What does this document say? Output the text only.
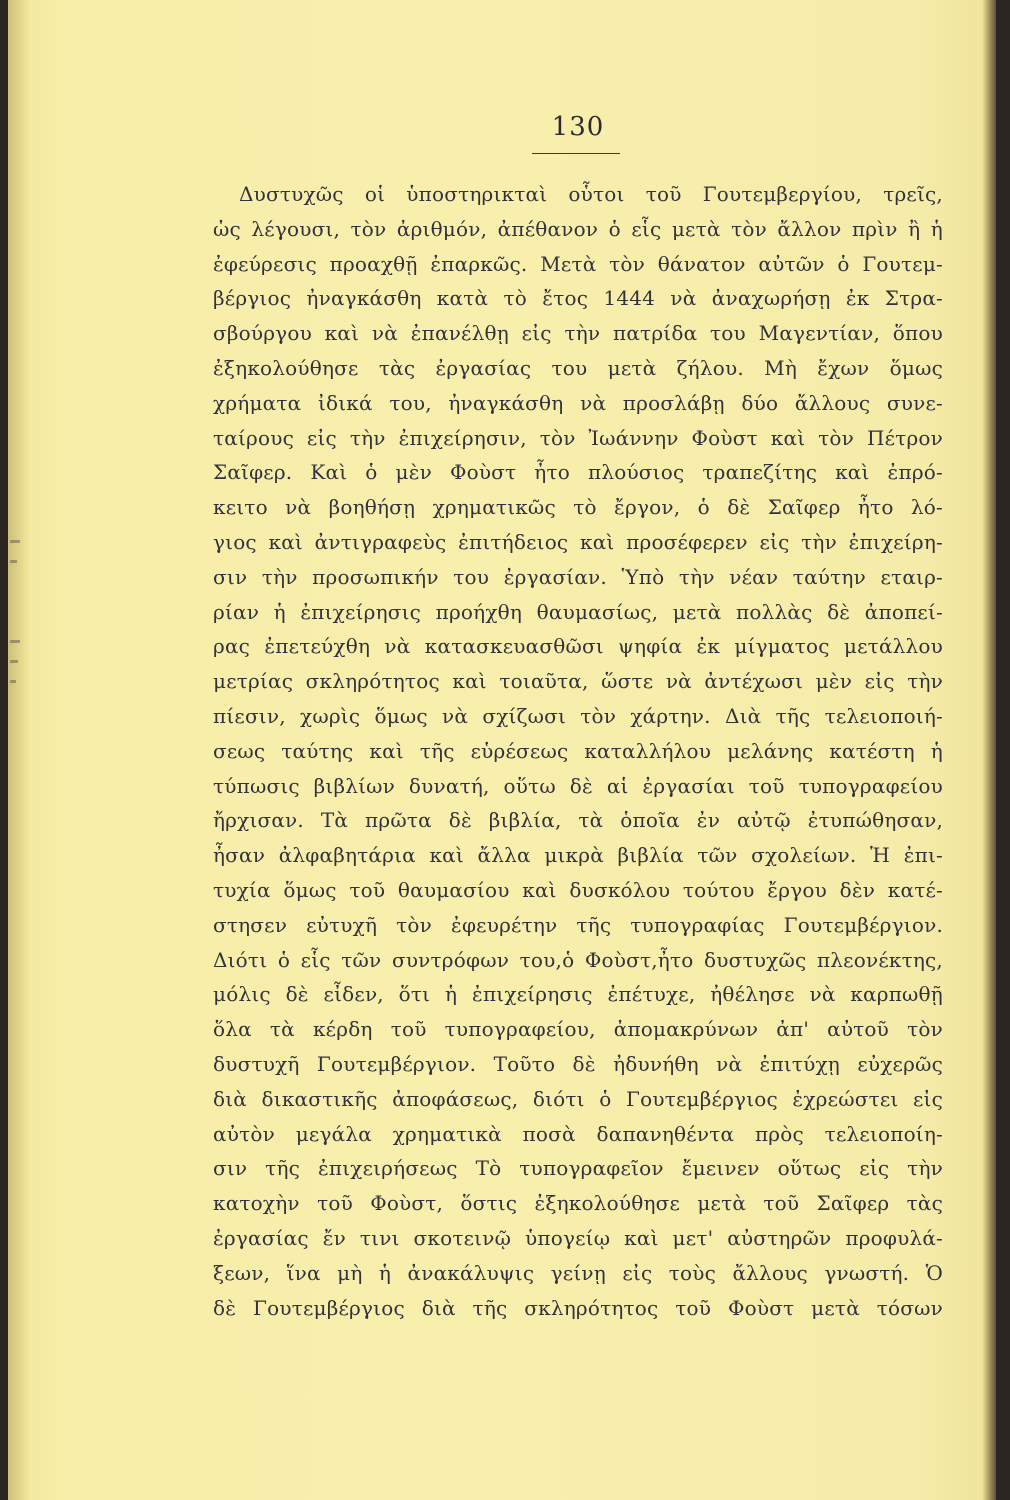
130
Δυστυχῶς οἱ ὑποστηρικταὶ οὗτοι τοῦ Γουτεμβεργίου, τρεῖς,
ὡς λέγουσι, τὸν ἀριθμόν, ἀπέθανον ὁ εἷς μετὰ τὸν ἄλλον πρὶν ἢ ἡ
ἐφεύρεσις προαχθῇ ἐπαρκῶς. Μετὰ τὸν θάνατον αὐτῶν ὁ Γουτεμ-
βέργιος ἠναγκάσθη κατὰ τὸ ἔτος 1444 νὰ ἀναχωρήσῃ ἐκ Στρα-
σβούργου καὶ νὰ ἐπανέλθῃ εἰς τὴν πατρίδα του Μαγεντίαν, ὅπου
ἐξηκολούθησε τὰς ἐργασίας του μετὰ ζήλου. Μὴ ἔχων ὅμως
χρήματα ἰδικά του, ἠναγκάσθη νὰ προσλάβῃ δύο ἄλλους συνε-
ταίρους εἰς τὴν ἐπιχείρησιν, τὸν Ἰωάννην Φοὺστ καὶ τὸν Πέτρον
Σαῖφερ. Καὶ ὁ μὲν Φοὺστ ἦτο πλούσιος τραπεζίτης καὶ ἐπρό-
κειτο νὰ βοηθήσῃ χρηματικῶς τὸ ἔργον, ὁ δὲ Σαῖφερ ἦτο λό-
γιος καὶ ἀντιγραφεὺς ἐπιτήδειος καὶ προσέφερεν εἰς τὴν ἐπιχείρη-
σιν τὴν προσωπικήν του ἐργασίαν. Ὑπὸ τὴν νέαν ταύτην εταιρ-
ρίαν ἡ ἐπιχείρησις προήχθη θαυμασίως, μετὰ πολλὰς δὲ ἀποπεί-
ρας ἐπετεύχθη νὰ κατασκευασθῶσι ψηφία ἐκ μίγματος μετάλλου
μετρίας σκληρότητος καὶ τοιαῦτα, ὥστε νὰ ἀντέχωσι μὲν εἰς τὴν
πίεσιν, χωρὶς ὅμως νὰ σχίζωσι τὸν χάρτην. Διὰ τῆς τελειοποιή-
σεως ταύτης καὶ τῆς εὑρέσεως καταλλήλου μελάνης κατέστη ἡ
τύπωσις βιβλίων δυνατή, οὕτω δὲ αἱ ἐργασίαι τοῦ τυπογραφείου
ἤρχισαν. Τὰ πρῶτα δὲ βιβλία, τὰ ὁποῖα ἐν αὐτῷ ἐτυπώθησαν,
ἦσαν ἀλφαβητάρια καὶ ἄλλα μικρὰ βιβλία τῶν σχολείων. Ἡ ἐπι-
τυχία ὅμως τοῦ θαυμασίου καὶ δυσκόλου τούτου ἔργου δὲν κατέ-
στησεν εὐτυχῆ τὸν ἐφευρέτην τῆς τυπογραφίας Γουτεμβέργιον.
Διότι ὁ εἷς τῶν συντρόφων του,ὁ Φοὺστ,ἦτο δυστυχῶς πλεονέκτης,
μόλις δὲ εἶδεν, ὅτι ἡ ἐπιχείρησις ἐπέτυχε, ἠθέλησε νὰ καρπωθῇ
ὅλα τὰ κέρδη τοῦ τυπογραφείου, ἀπομακρύνων ἀπ' αὐτοῦ τὸν
δυστυχῆ Γουτεμβέργιον. Τοῦτο δὲ ἠδυνήθη νὰ ἐπιτύχῃ εὐχερῶς
διὰ δικαστικῆς ἀποφάσεως, διότι ὁ Γουτεμβέργιος ἐχρεώστει εἰς
αὐτὸν μεγάλα χρηματικὰ ποσὰ δαπανηθέντα πρὸς τελειοποίη-
σιν τῆς ἐπιχειρήσεως Τὸ τυπογραφεῖον ἔμεινεν οὕτως εἰς τὴν
κατοχὴν τοῦ Φοὺστ, ὅστις ἐξηκολούθησε μετὰ τοῦ Σαῖφερ τὰς
ἐργασίας ἔν τινι σκοτεινῷ ὑπογείῳ καὶ μετ' αὐστηρῶν προφυλά-
ξεων, ἵνα μὴ ἡ ἀνακάλυψις γείνῃ εἰς τοὺς ἄλλους γνωστή. Ὁ
δὲ Γουτεμβέργιος διὰ τῆς σκληρότητος τοῦ Φοὺστ μετὰ τόσων
